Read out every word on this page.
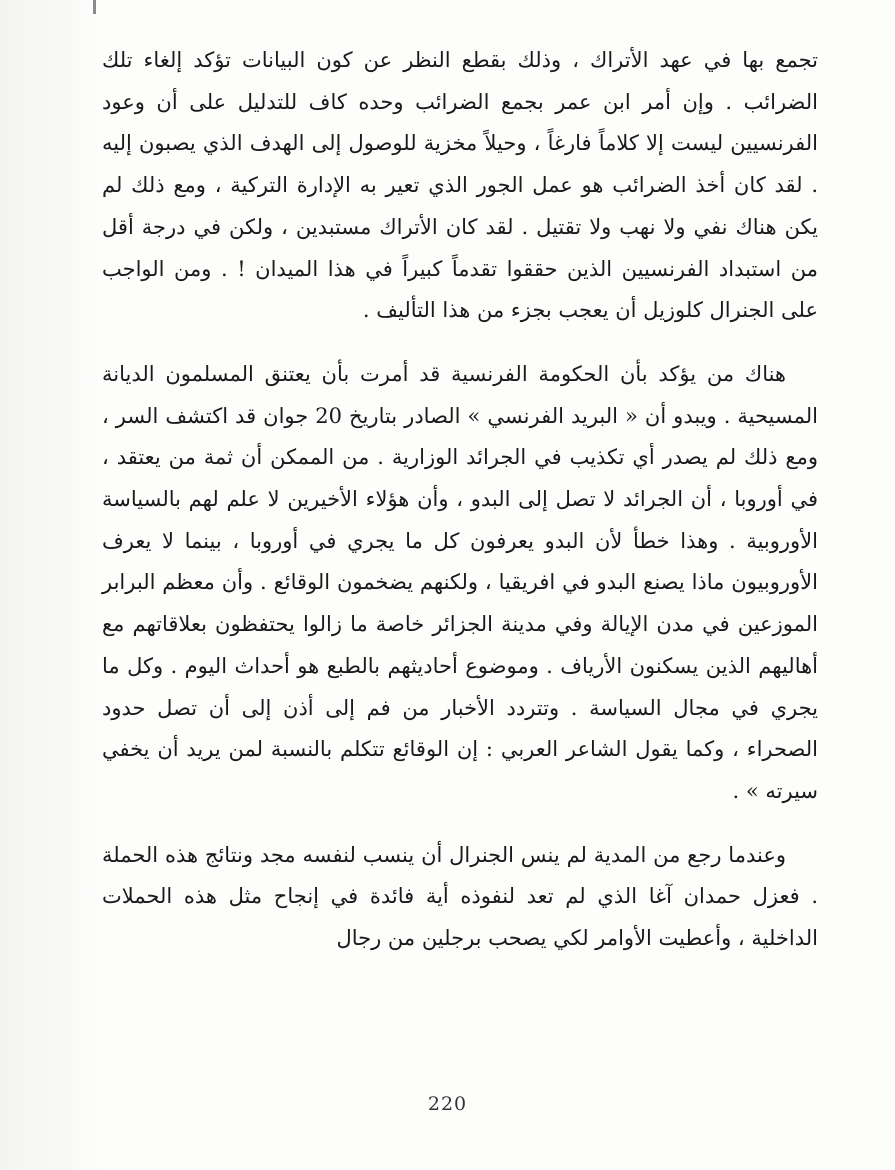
تجمع بها في عهد الأتراك ، وذلك بقطع النظر عن كون البيانات تؤكد إلغاء تلك الضرائب . وإن أمر ابن عمر بجمع الضرائب وحده كاف للتدليل على أن وعود الفرنسيين ليست إلا كلاماً فارغاً ، وحيلاً مخزية للوصول إلى الهدف الذي يصبون إليه . لقد كان أخذ الضرائب هو عمل الجور الذي تعير به الإدارة التركية ، ومع ذلك لم يكن هناك نفي ولا نهب ولا تقتيل . لقد كان الأتراك مستبدين ، ولكن في درجة أقل من استبداد الفرنسيين الذين حققوا تقدماً كبيراً في هذا الميدان ! . ومن الواجب على الجنرال كلوزيل أن يعجب بجزء من هذا التأليف .

هناك من يؤكد بأن الحكومة الفرنسية قد أمرت بأن يعتنق المسلمون الديانة المسيحية . ويبدو أن « البريد الفرنسي » الصادر بتاريخ 20 جوان قد اكتشف السر ، ومع ذلك لم يصدر أي تكذيب في الجرائد الوزارية . من الممكن أن ثمة من يعتقد ، في أوروبا ، أن الجرائد لا تصل إلى البدو ، وأن هؤلاء الأخيرين لا علم لهم بالسياسة الأوروبية . وهذا خطأ لأن البدو يعرفون كل ما يجري في أوروبا ، بينما لا يعرف الأوروبيون ماذا يصنع البدو في افريقيا ، ولكنهم يضخمون الوقائع . وأن معظم البرابر الموزعين في مدن الإيالة وفي مدينة الجزائر خاصة ما زالوا يحتفظون بعلاقاتهم مع أهاليهم الذين يسكنون الأرياف . وموضوع أحاديثهم بالطبع هو أحداث اليوم . وكل ما يجري في مجال السياسة . وتتردد الأخبار من فم إلى أذن إلى أن تصل حدود الصحراء ، وكما يقول الشاعر العربي : إن الوقائع تتكلم بالنسبة لمن يريد أن يخفي سيرته » .

وعندما رجع من المدية لم ينس الجنرال أن ينسب لنفسه مجد ونتائج هذه الحملة . فعزل حمدان آغا الذي لم تعد لنفوذه أية فائدة في إنجاح مثل هذه الحملات الداخلية ، وأعطيت الأوامر لكي يصحب برجلين من رجال

220
